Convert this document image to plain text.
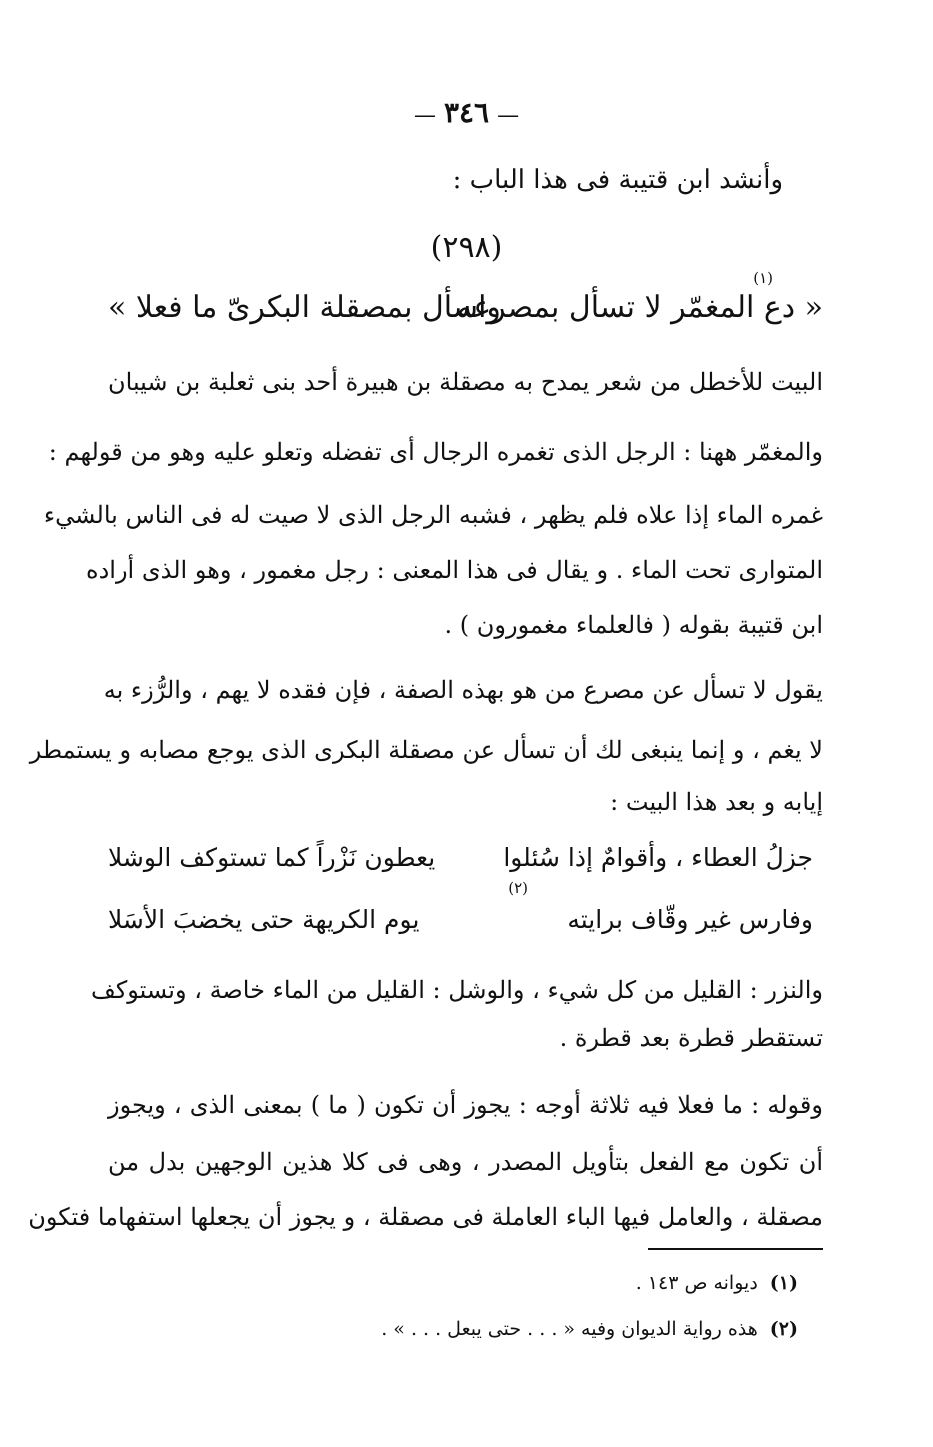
—٣٤٦—
وأنشد ابن قتيبة فى هذا الباب :
(٢٩٨)
(١)
« دع المغمّر لا تسأل بمصرعه
واسأل بمصقلة البكرىّ ما فعلا »
البيت للأخطل من شعر يمدح به مصقلة بن هبيرة أحد بنى ثعلبة بن شيبان
والمغمّر ههنا : الرجل الذى تغمره الرجال أى تفضله وتعلو عليه وهو من قولهم :
غمره الماء إذا علاه فلم يظهر ، فشبه الرجل الذى لا صيت له فى الناس بالشيء
المتوارى تحت الماء . و يقال فى هذا المعنى : رجل مغمور ، وهو الذى أراده
ابن قتيبة بقوله ( فالعلماء مغمورون ) .
يقول لا تسأل عن مصرع من هو بهذه الصفة ، فإن فقده لا يهم ، والرُّزء به
لا يغم ، و إنما ينبغى لك أن تسأل عن مصقلة البكرى الذى يوجع مصابه و يستمطر
إيابه و بعد هذا البيت :
جزلُ العطاء ، وأقوامٌ إذا سُئلوا
يعطون نَزْراً كما تستوكف الوشلا
(٢)
وفارس غير وقّاف برايته
يوم الكريهة حتى يخضبَ الأسَلا
والنزر : القليل من كل شيء ، والوشل : القليل من الماء خاصة ، وتستوكف
تستقطر قطرة بعد قطرة .
وقوله : ما فعلا فيه ثلاثة أوجه : يجوز أن تكون ( ما ) بمعنى الذى ، ويجوز
أن تكون مع الفعل بتأويل المصدر ، وهى فى كلا هذين الوجهين بدل من
مصقلة ، والعامل فيها الباء العاملة فى مصقلة ، و يجوز أن يجعلها استفهاما فتكون
(١)ديوانه ص ١٤٣ .
(٢)هذه رواية الديوان وفيه « . . . حتى يبعل . . . » .
